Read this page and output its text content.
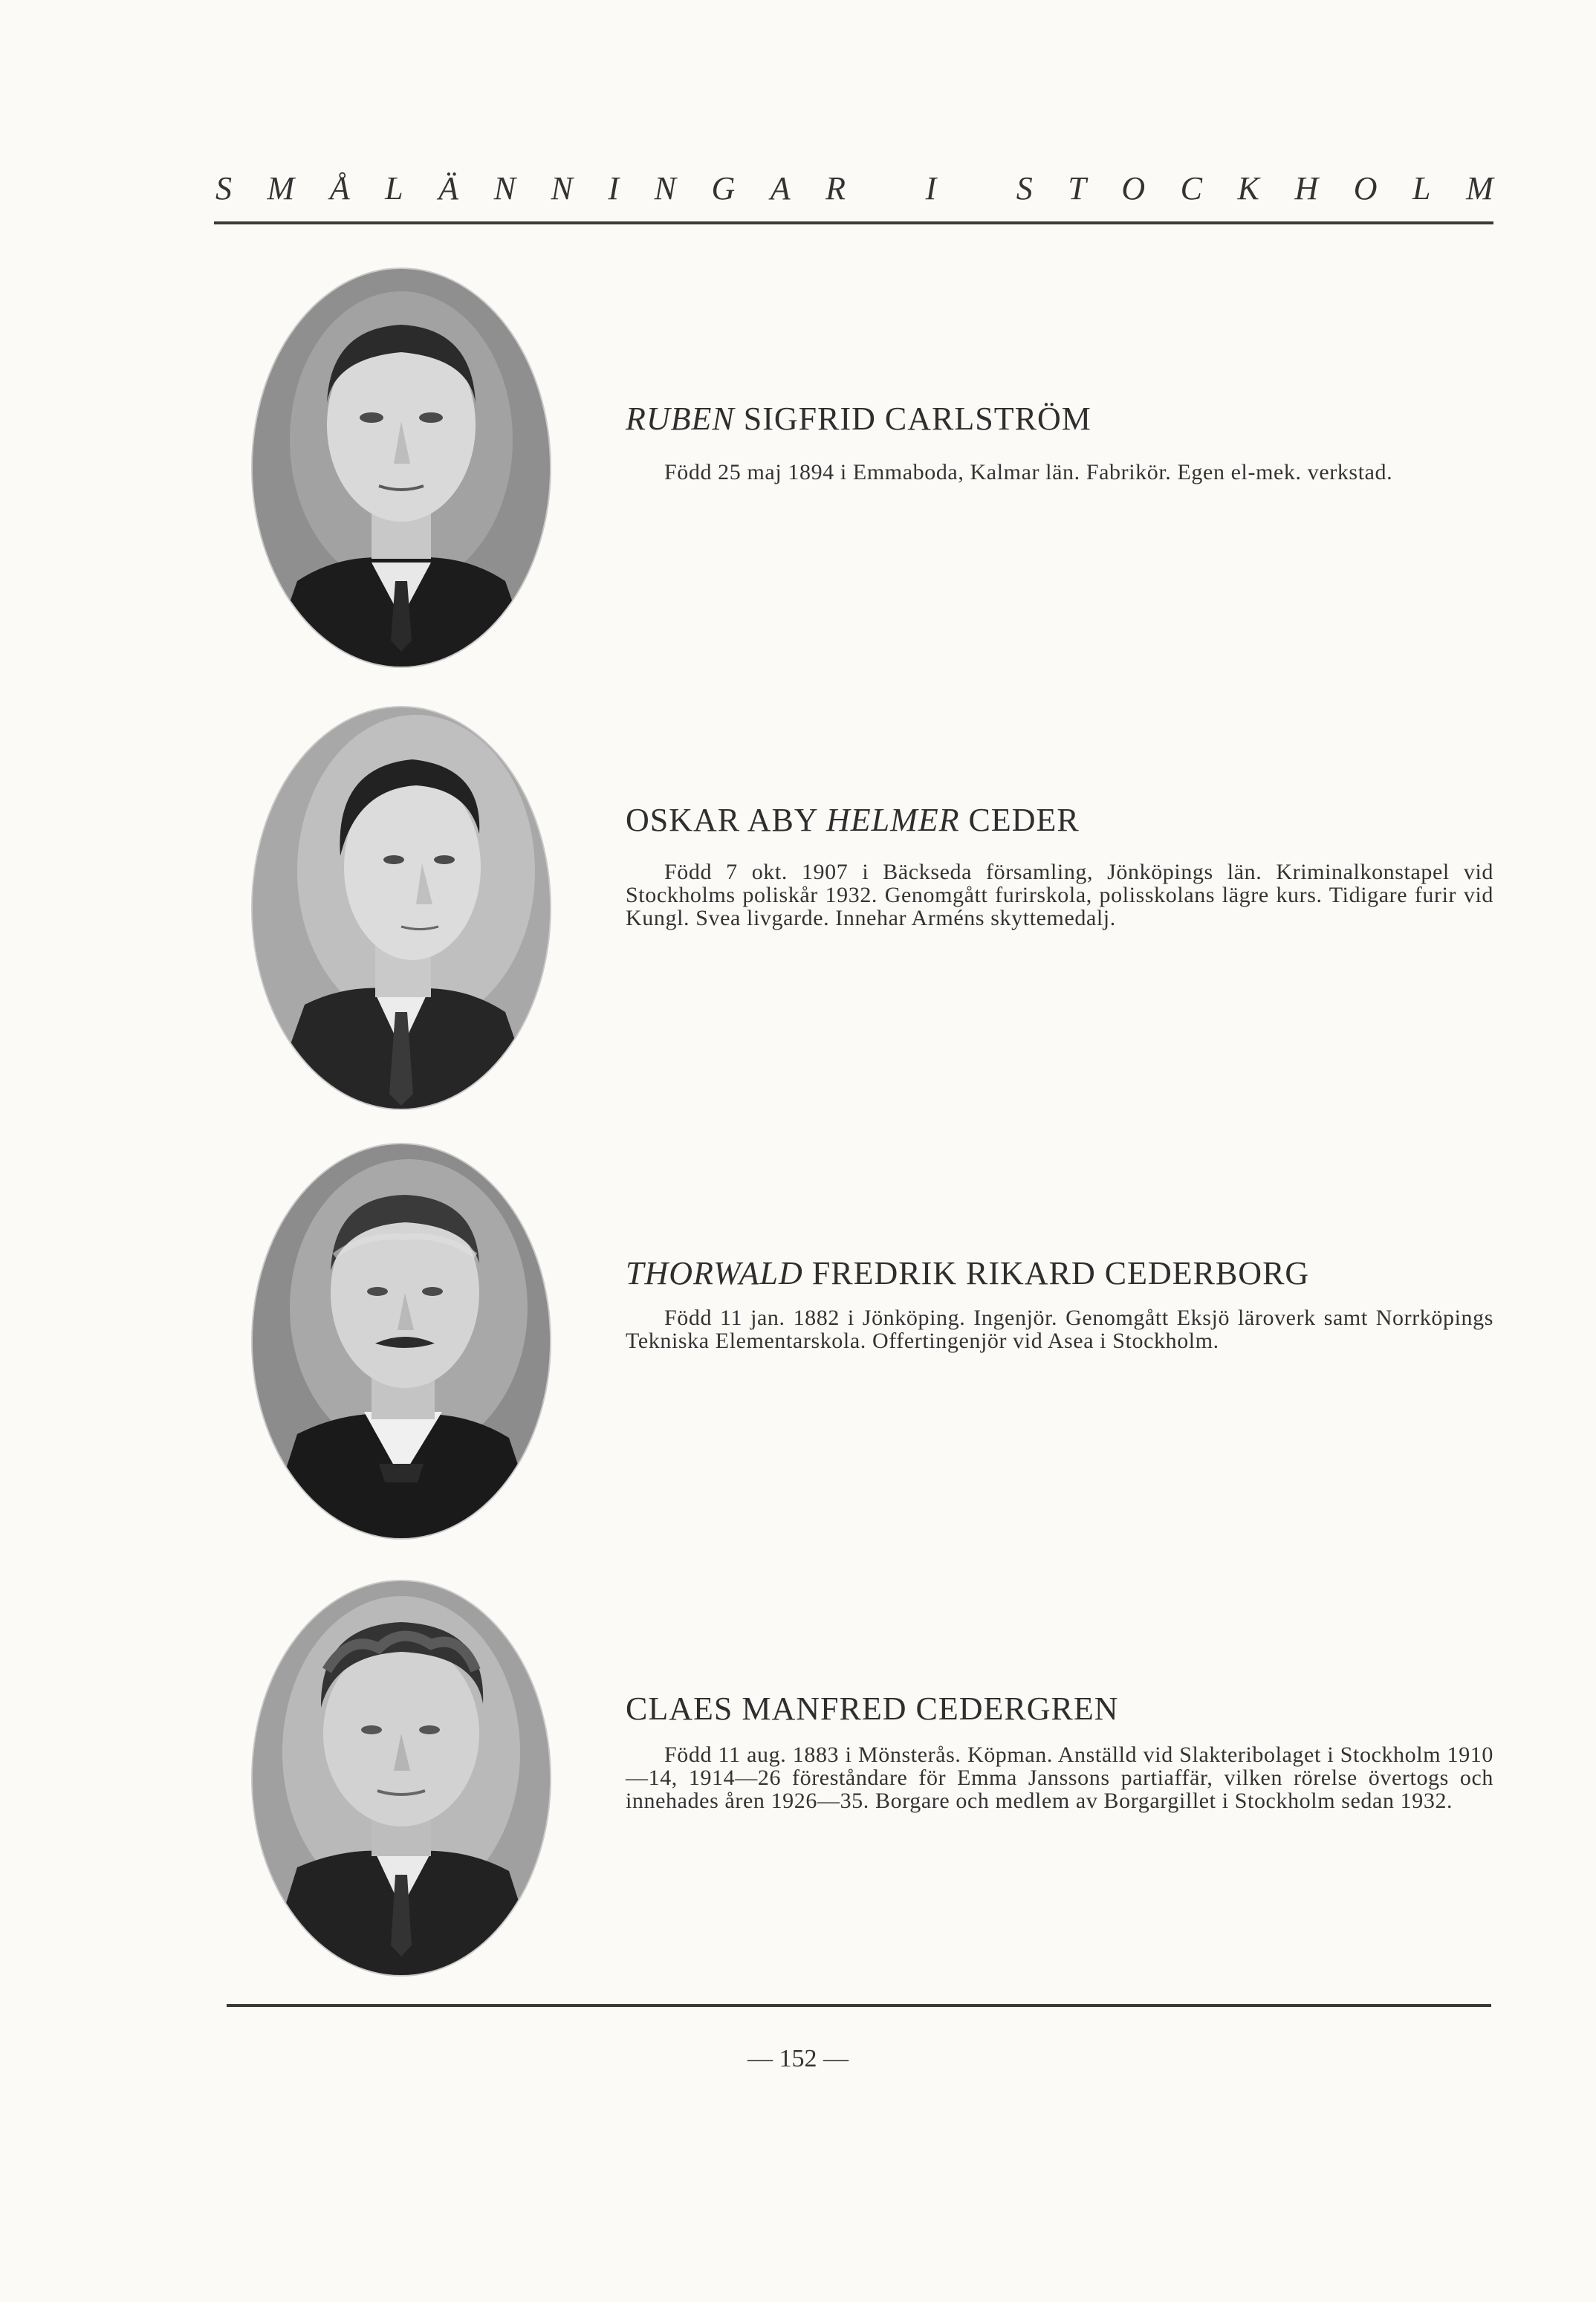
S M Å L Ä N N I N G A R I S T O C K H O L M
RUBEN SIGFRID CARLSTRÖM
Född 25 maj 1894 i Emmaboda, Kalmar län. Fabrikör. Egen el-mek. verkstad.
OSKAR ABY HELMER CEDER
Född 7 okt. 1907 i Bäckseda församling, Jönköpings län. Kriminalkonstapel vid Stockholms poliskår 1932. Genomgått furirskola, polisskolans lägre kurs. Tidigare furir vid Kungl. Svea livgarde. Innehar Arméns skyttemedalj.
THORWALD FREDRIK RIKARD CEDERBORG
Född 11 jan. 1882 i Jönköping. Ingenjör. Genomgått Eksjö läroverk samt Norrköpings Tekniska Elementarskola. Offertingenjör vid Asea i Stockholm.
CLAES MANFRED CEDERGREN
Född 11 aug. 1883 i Mönsterås. Köpman. Anställd vid Slakteribolaget i Stockholm 1910—14, 1914—26 föreståndare för Emma Janssons partiaffär, vilken rörelse övertogs och innehades åren 1926—35. Borgare och medlem av Borgargillet i Stockholm sedan 1932.
— 152 —
